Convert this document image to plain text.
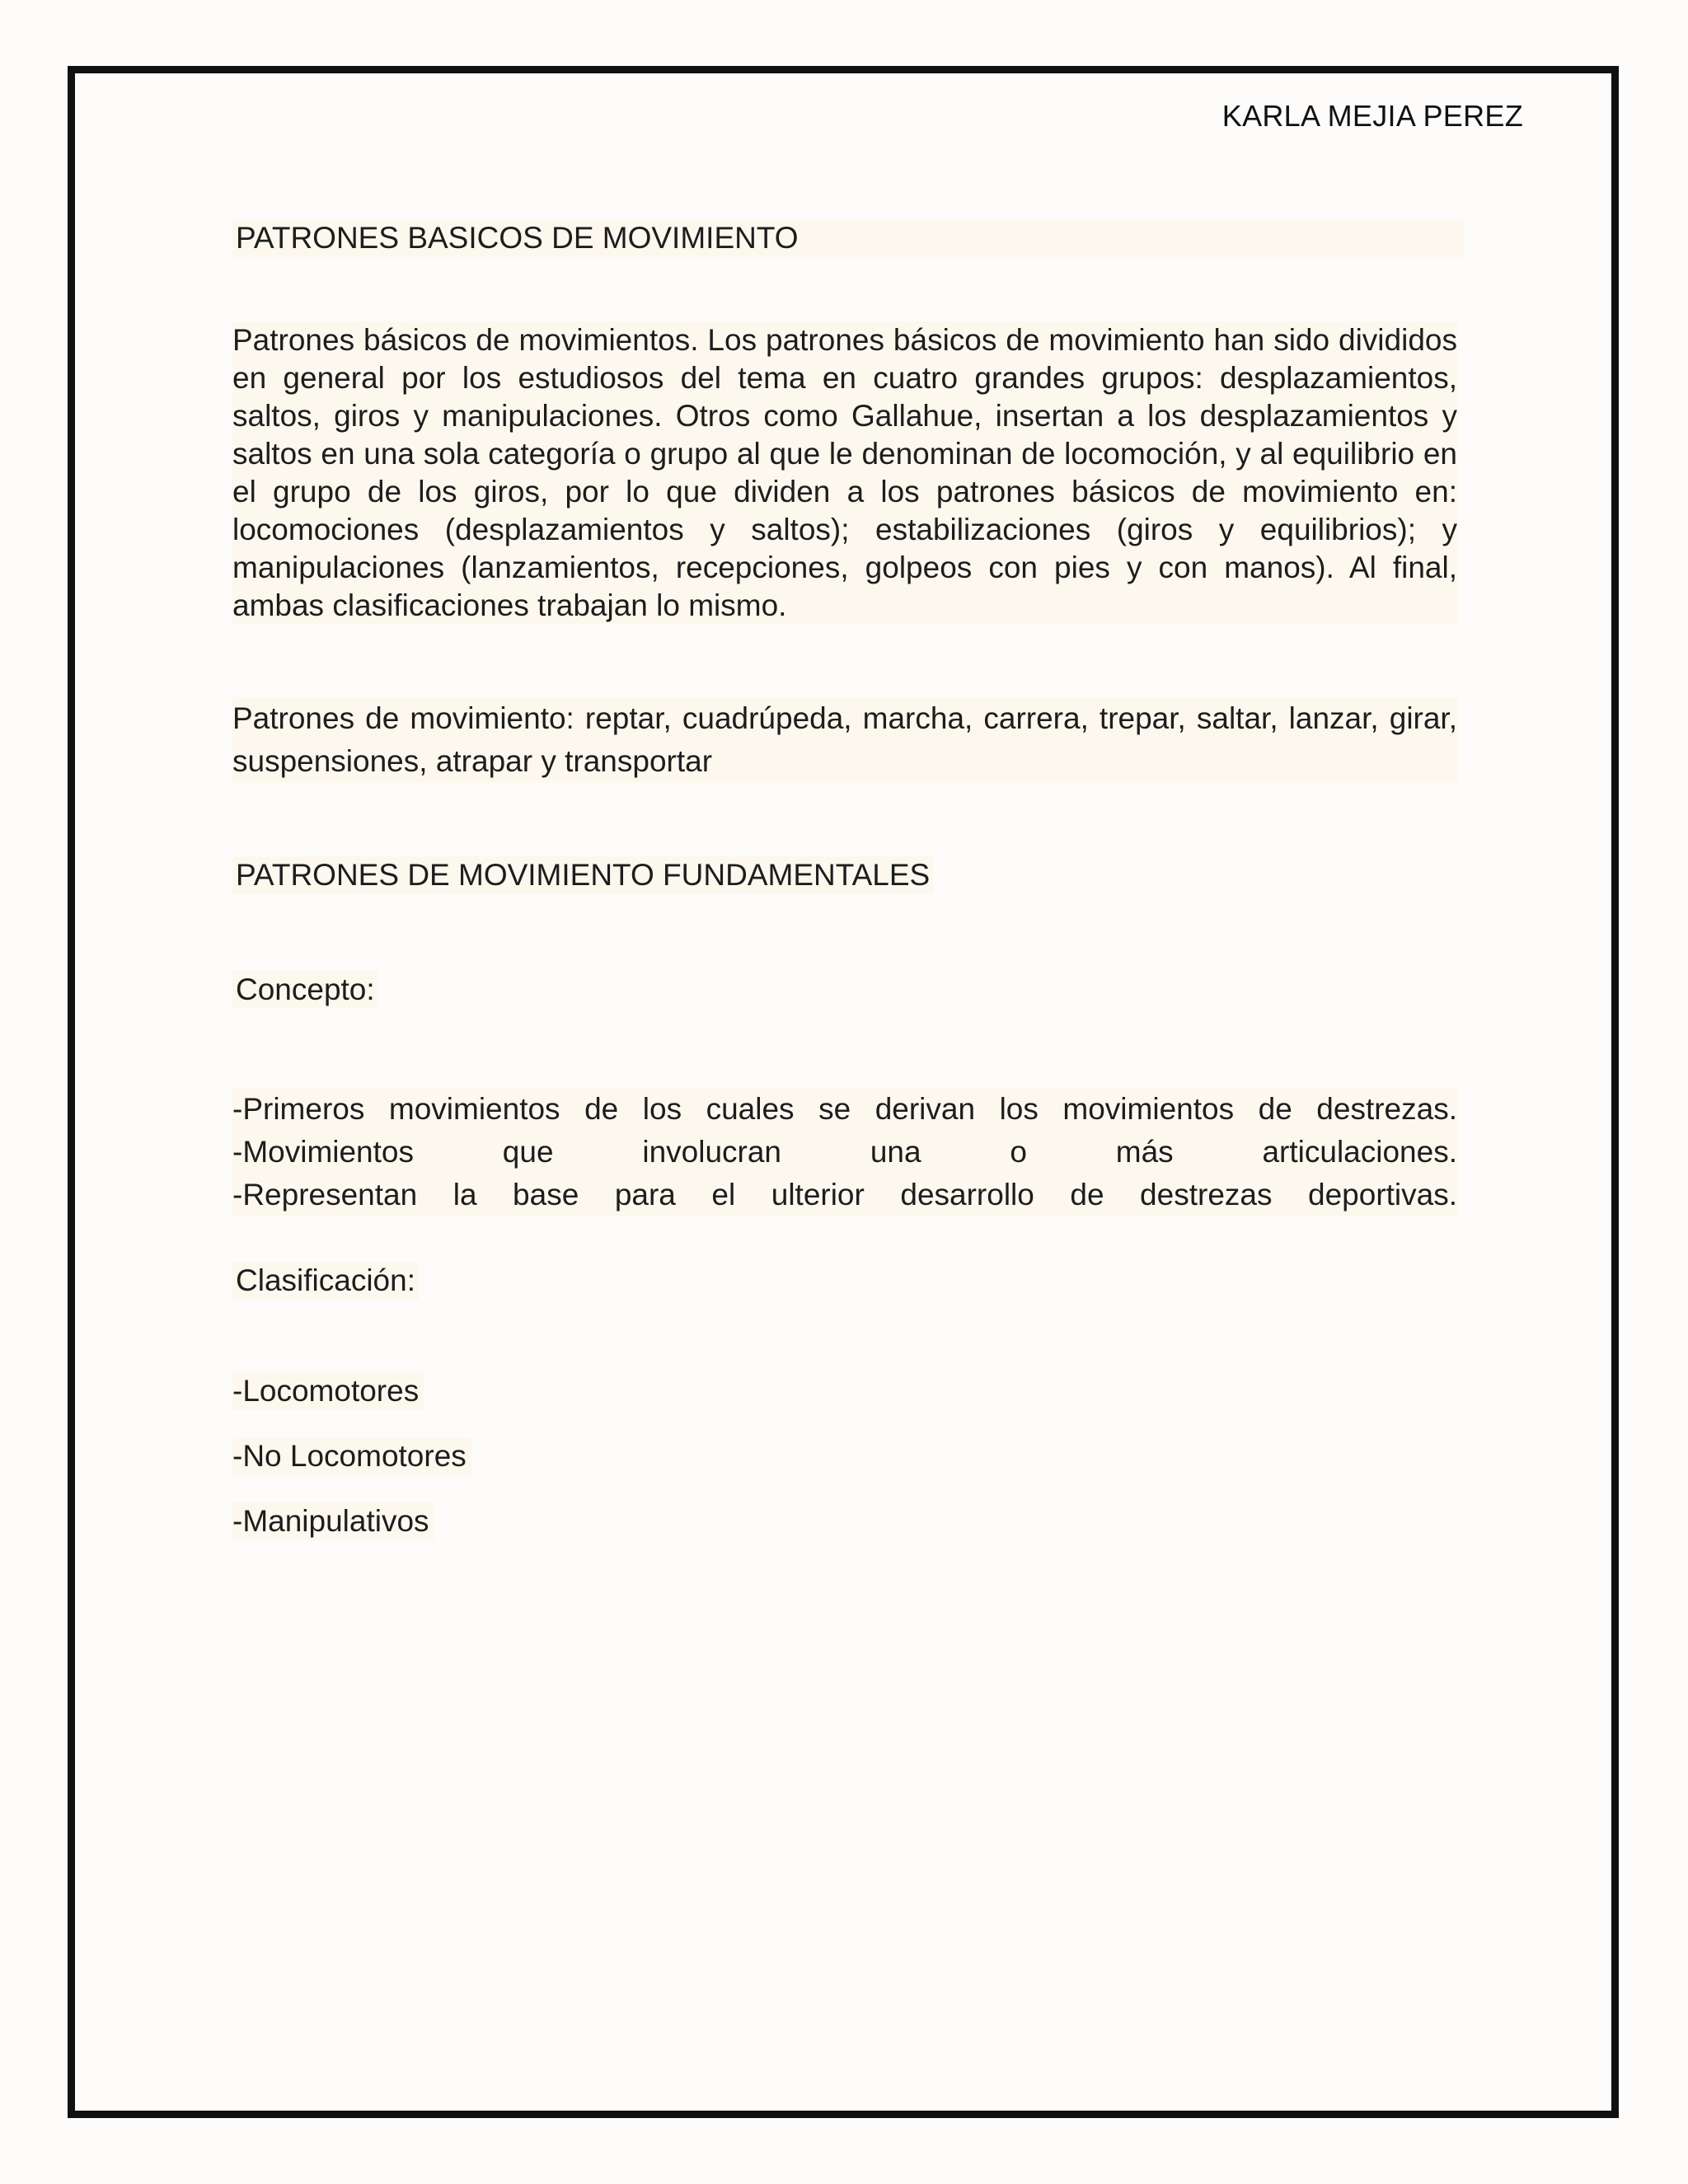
KARLA MEJIA PEREZ
PATRONES BASICOS DE MOVIMIENTO

Patrones básicos de movimientos. Los patrones básicos de movimiento han sido divididos en general por los estudiosos del tema en cuatro grandes grupos: desplazamientos, saltos, giros y manipulaciones. Otros como Gallahue, insertan a los desplazamientos y saltos en una sola categoría o grupo al que le denominan de locomoción, y al equilibrio en el grupo de los giros, por lo que dividen a los patrones básicos de movimiento en: locomociones (desplazamientos y saltos); estabilizaciones (giros y equilibrios); y manipulaciones (lanzamientos, recepciones, golpeos con pies y con manos). Al final, ambas clasificaciones trabajan lo mismo.

Patrones de movimiento: reptar, cuadrúpeda, marcha, carrera, trepar, saltar, lanzar, girar, suspensiones, atrapar y transportar

PATRONES DE MOVIMIENTO FUNDAMENTALES
Concepto:

-Primeros movimientos de los cuales se derivan los movimientos de destrezas.

-Movimientos que involucran una o más articulaciones.

-Representan la base para el ulterior desarrollo de destrezas deportivas.

Clasificación:
-Locomotores
-No Locomotores
-Manipulativos
